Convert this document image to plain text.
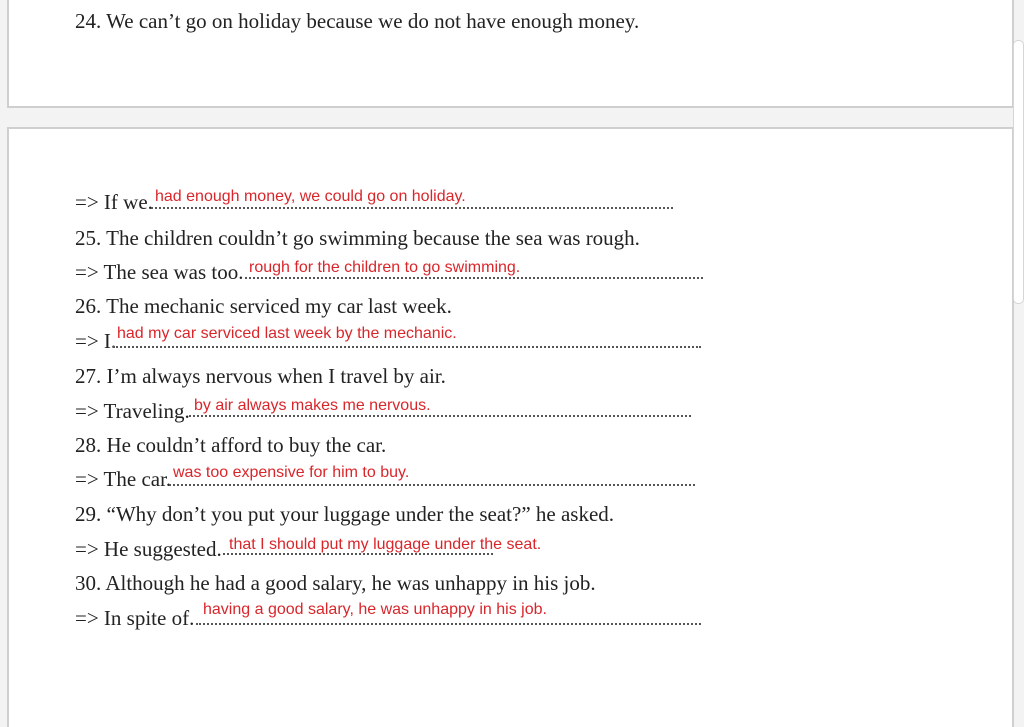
24. We can’t go on holiday because we do not have enough money.
=> If we. had enough money, we could go on holiday.
25. The children couldn’t go swimming because the sea was rough.
=> The sea was too. rough for the children to go swimming.
26. The mechanic serviced my car last week.
=> I. had my car serviced last week by the mechanic.
27. I’m always nervous when I travel by air.
=> Traveling. by air always makes me nervous.
28. He couldn’t afford to buy the car.
=> The car. was too expensive for him to buy.
29. “Why don’t you put your luggage under the seat?” he asked.
=> He suggested. that I should put my luggage under the seat.
30. Although he had a good salary, he was unhappy in his job.
=> In spite of. having a good salary, he was unhappy in his job.
